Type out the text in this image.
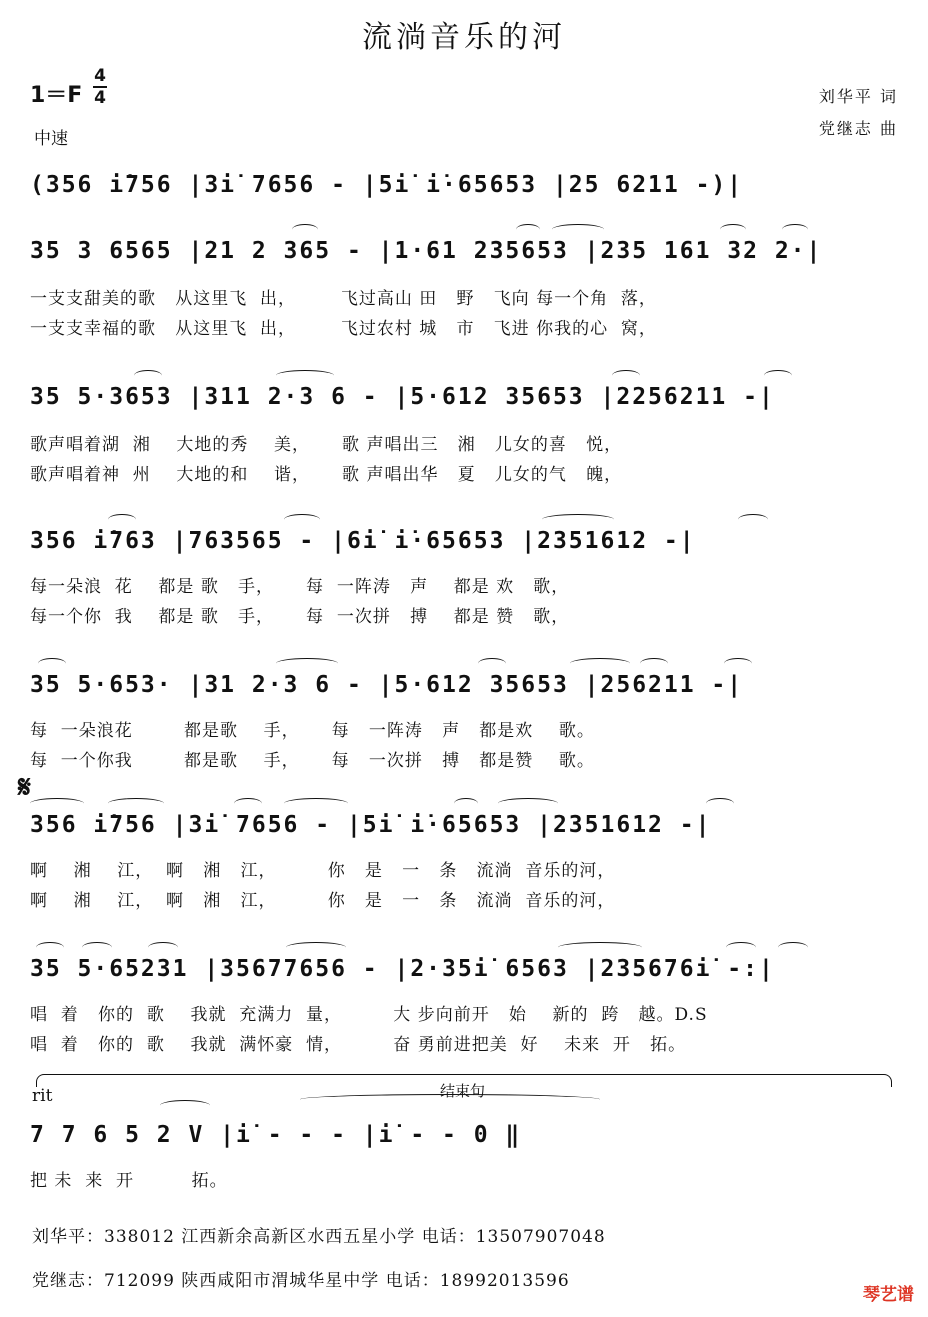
流淌音乐的河
1＝F
4
4
中速
刘华平 词
党继志 曲
(356 i̇756 |3i̇ 7656 - |5i̇ i̇·65653 |25 6211 -)|
35 3 6565 |21 2 365 - |1·61 235653 |235 161 32 2·|
一支支甜美的歌   从这里飞  出，       飞过高山 田   野   飞向 每一个角  落，
一支支幸福的歌   从这里飞  出，       飞过农村 城   市   飞进 你我的心  窝，
35 5·3653 |311 2·3 6 - |5·612 35653 |2256211 -|
歌声唱着湖  湘    大地的秀    美，     歌 声唱出三   湘   儿女的喜   悦，
歌声唱着神  州    大地的和    谐，     歌 声唱出华   夏   儿女的气   魄，
356 i̇763 |763565 - |6i̇ i̇·65653 |2351612 -|
每一朵浪  花    都是 歌   手，     每  一阵涛   声    都是 欢   歌，
每一个你  我    都是 歌   手，     每  一次拼   搏    都是 赞   歌，
35 5·653· |31 2·3 6 - |5·612 35653 |256211 -|
每  一朵浪花        都是歌    手，     每   一阵涛   声   都是欢    歌。
每  一个你我        都是歌    手，     每   一次拼   搏   都是赞    歌。
𝄋
356 i̇756 |3i̇ 7656 - |5i̇ i̇·65653 |2351612 -|
啊    湘    江，  啊   湘   江，        你   是   一   条   流淌  音乐的河，
啊    湘    江，  啊   湘   江，        你   是   一   条   流淌  音乐的河，
35 5·65231 |35677656 - |2·35i̇ 6563 |235676i̇ -:|
唱  着   你的  歌    我就  充满力  量，        大 步向前开   始    新的  跨   越。D.S
唱  着   你的  歌    我就  满怀豪  情，        奋 勇前进把美  好    未来  开   拓。
结束句
rit
7 7 6 5 2 V |i̇ - - - |i̇ - - 0 ‖
把 未  来  开         拓。
刘华平：338012 江西新余高新区水西五星小学 电话：13507907048
党继志：712099 陕西咸阳市渭城华星中学 电话：18992013596
琴艺谱
